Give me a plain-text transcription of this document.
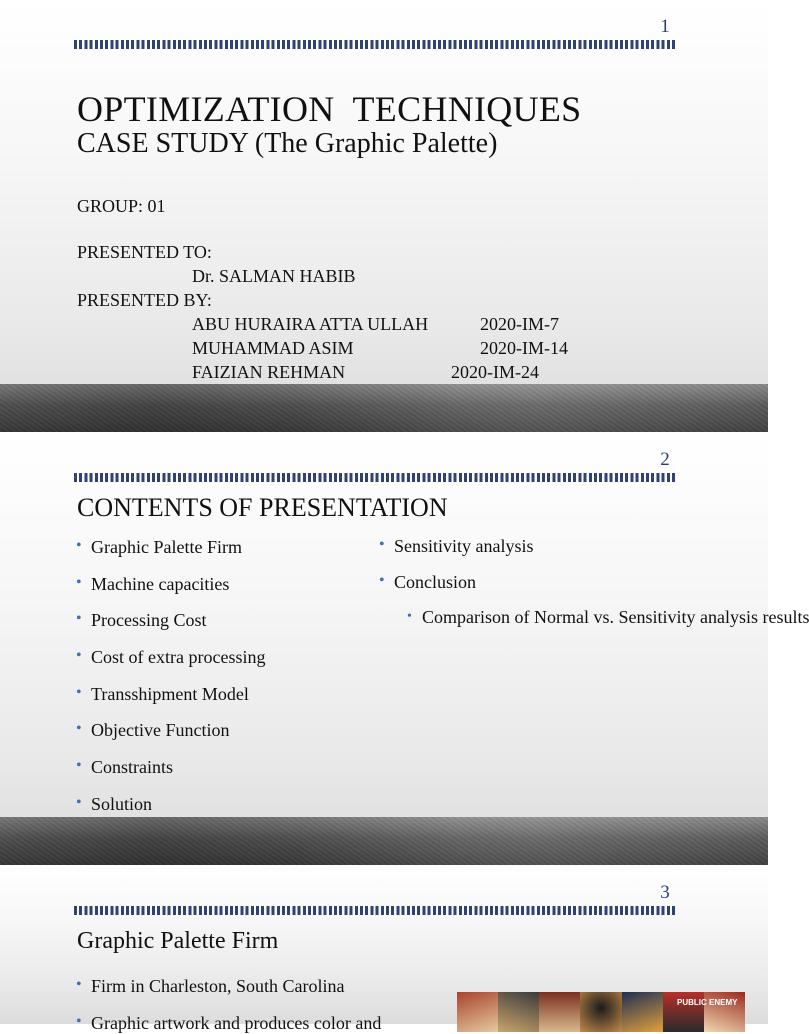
1
OPTIMIZATION  TECHNIQUES
CASE STUDY (The Graphic Palette)
GROUP: 01
PRESENTED TO:
Dr. SALMAN HABIB
PRESENTED BY:
ABU HURAIRA ATTA ULLAH	2020-IM-7
MUHAMMAD ASIM	2020-IM-14
FAIZIAN REHMAN	2020-IM-24
2
CONTENTS OF PRESENTATION
• Graphic Palette Firm
• Machine capacities
• Processing Cost
• Cost of extra processing
• Transshipment Model
• Objective Function
• Constraints
• Solution
• Sensitivity analysis
• Conclusion
• Comparison of Normal vs. Sensitivity analysis results
3
Graphic Palette Firm
• Firm in Charleston, South Carolina
• Graphic artwork and produces color and
PUBLIC ENEMY
